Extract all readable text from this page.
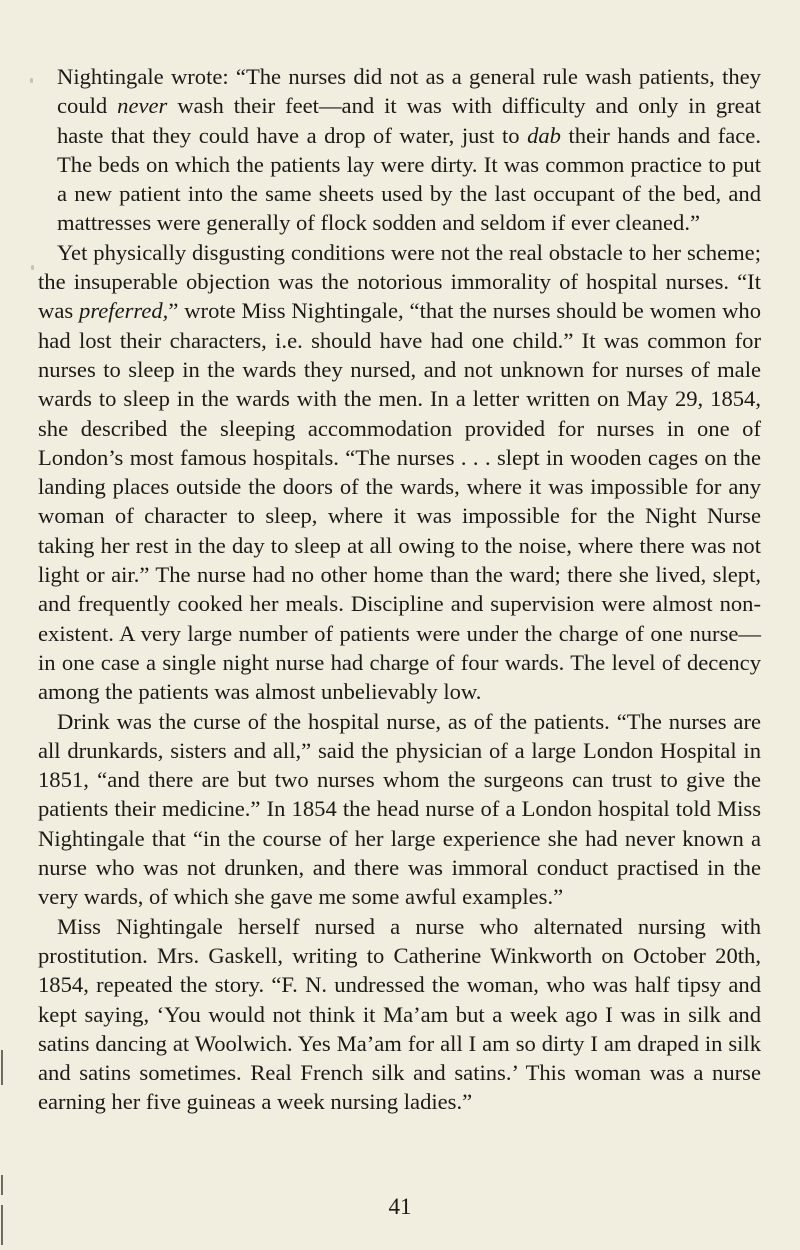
Nightingale wrote: “The nurses did not as a general rule wash patients, they could never wash their feet—and it was with difficulty and only in great haste that they could have a drop of water, just to dab their hands and face. The beds on which the patients lay were dirty. It was common practice to put a new patient into the same sheets used by the last occupant of the bed, and mattresses were generally of flock sodden and seldom if ever cleaned.”

Yet physically disgusting conditions were not the real obstacle to her scheme; the insuperable objection was the notorious immorality of hospital nurses. “It was preferred,” wrote Miss Nightingale, “that the nurses should be women who had lost their characters, i.e. should have had one child.” It was common for nurses to sleep in the wards they nursed, and not unknown for nurses of male wards to sleep in the wards with the men. In a letter written on May 29, 1854, she described the sleeping accommodation provided for nurses in one of London’s most famous hospitals. “The nurses . . . slept in wooden cages on the landing places outside the doors of the wards, where it was impossible for any woman of character to sleep, where it was impossible for the Night Nurse taking her rest in the day to sleep at all owing to the noise, where there was not light or air.” The nurse had no other home than the ward; there she lived, slept, and frequently cooked her meals. Discipline and supervision were almost non-existent. A very large number of patients were under the charge of one nurse—in one case a single night nurse had charge of four wards. The level of decency among the patients was almost unbelievably low.

Drink was the curse of the hospital nurse, as of the patients. “The nurses are all drunkards, sisters and all,” said the physician of a large London Hospital in 1851, “and there are but two nurses whom the surgeons can trust to give the patients their medicine.” In 1854 the head nurse of a London hospital told Miss Nightingale that “in the course of her large experience she had never known a nurse who was not drunken, and there was immoral conduct practised in the very wards, of which she gave me some awful examples.”

Miss Nightingale herself nursed a nurse who alternated nursing with prostitution. Mrs. Gaskell, writing to Catherine Winkworth on October 20th, 1854, repeated the story. “F. N. undressed the woman, who was half tipsy and kept saying, ‘You would not think it Ma’am but a week ago I was in silk and satins dancing at Woolwich. Yes Ma’am for all I am so dirty I am draped in silk and satins sometimes. Real French silk and satins.’ This woman was a nurse earning her five guineas a week nursing ladies.”

41
